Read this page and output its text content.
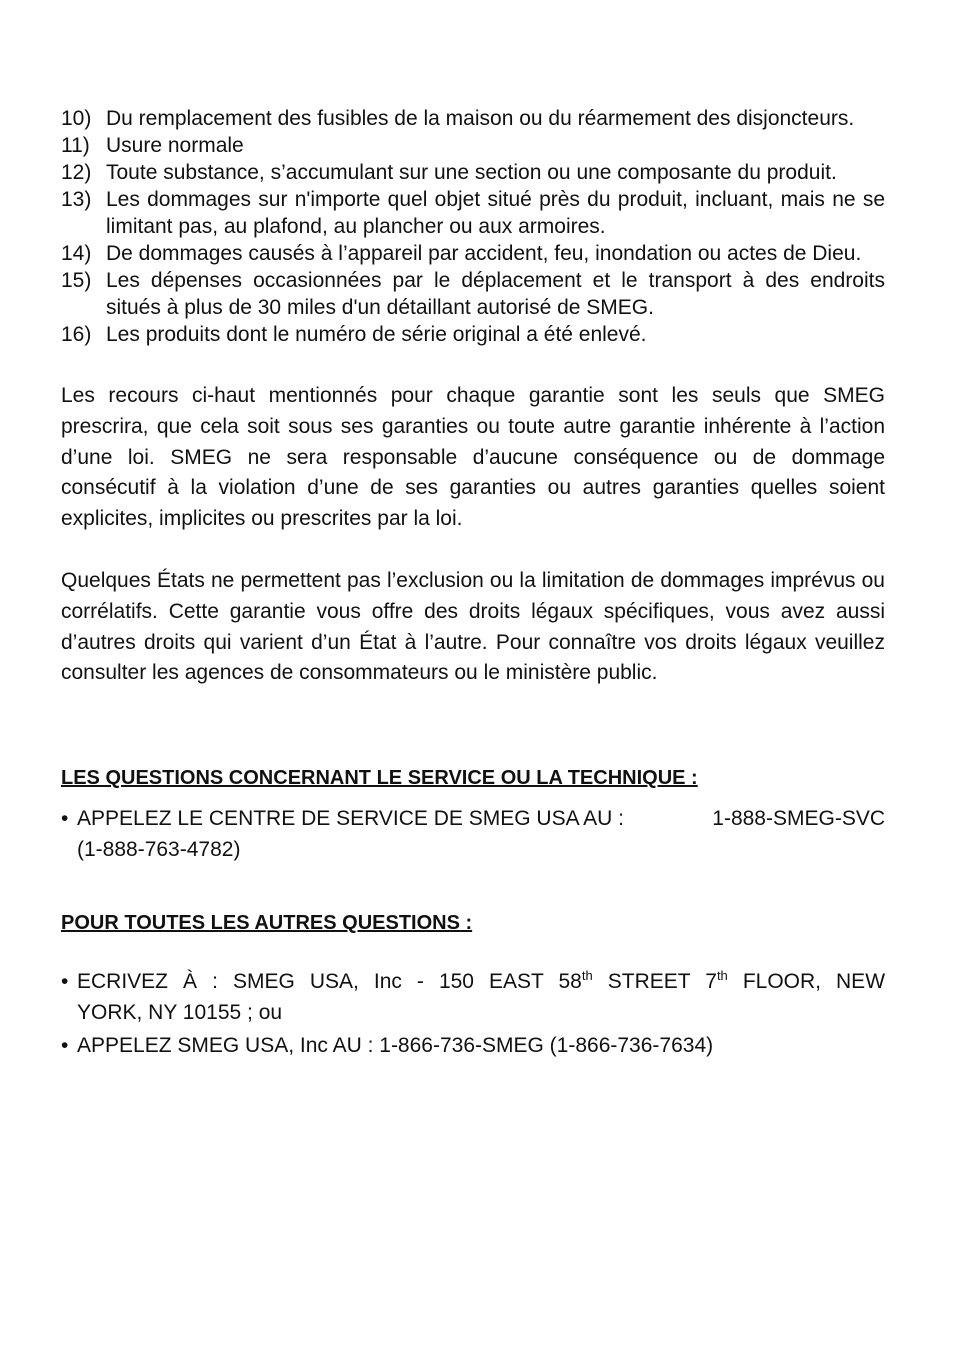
10) Du remplacement des fusibles de la maison ou du réarmement des disjoncteurs.
11) Usure normale
12) Toute substance, s’accumulant sur une section ou une composante du produit.
13) Les dommages sur n'importe quel objet situé près du produit, incluant, mais ne se limitant pas, au plafond, au plancher ou aux armoires.
14) De dommages causés à l’appareil par accident, feu, inondation ou actes de Dieu.
15) Les dépenses occasionnées par le déplacement et le transport à des endroits situés à plus de 30 miles d'un détaillant autorisé de SMEG.
16) Les produits dont le numéro de série original a été enlevé.

Les recours ci-haut mentionnés pour chaque garantie sont les seuls que SMEG prescrira, que cela soit sous ses garanties ou toute autre garantie inhérente à l’action d’une loi. SMEG ne sera responsable d’aucune conséquence ou de dommage consécutif à la violation d’une de ses garanties ou autres garanties quelles soient explicites, implicites ou prescrites par la loi.

Quelques États ne permettent pas l’exclusion ou la limitation de dommages imprévus ou corrélatifs. Cette garantie vous offre des droits légaux spécifiques, vous avez aussi d’autres droits qui varient d’un État à l’autre. Pour connaître vos droits légaux veuillez consulter les agences de consommateurs ou le ministère public.

LES QUESTIONS CONCERNANT LE SERVICE OU LA TECHNIQUE :
• APPELEZ LE CENTRE DE SERVICE DE SMEG USA AU :	1-888-SMEG-SVC
(1-888-763-4782)
POUR TOUTES LES AUTRES QUESTIONS :
• ECRIVEZ À : SMEG USA, Inc - 150 EAST 58th STREET 7th FLOOR, NEW
YORK, NY 10155 ; ou
• APPELEZ SMEG USA, Inc AU : 1-866-736-SMEG (1-866-736-7634)
